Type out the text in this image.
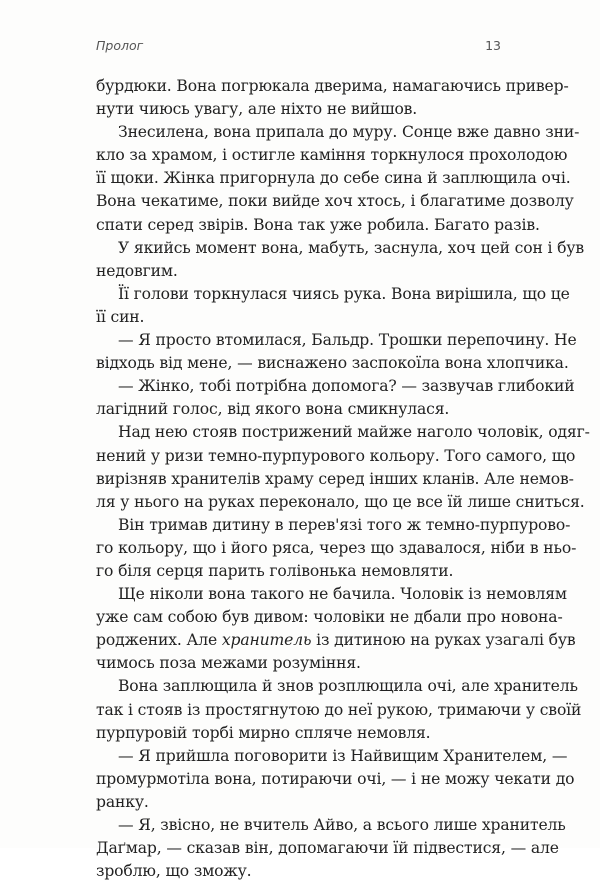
Пролог	13
бурдюки. Вона погрюкала дверима, намагаючись привер-
нути чиюсь увагу, але ніхто не вийшов.
Знесилена, вона припала до муру. Сонце вже давно зни-
кло за храмом, і остигле каміння торкнулося прохолодою
її щоки. Жінка пригорнула до себе сина й заплющила очі.
Вона чекатиме, поки вийде хоч хтось, і благатиме дозволу
спати серед звірів. Вона так уже робила. Багато разів.
У якийсь момент вона, мабуть, заснула, хоч цей сон і був
недовгим.
Її голови торкнулася чиясь рука. Вона вирішила, що це
її син.
— Я просто втомилася, Бальдр. Трошки перепочину. Не
відходь від мене, — виснажено заспокоїла вона хлопчика.
— Жінко, тобі потрібна допомога? — зазвучав глибокий
лагідний голос, від якого вона смикнулася.
Над нею стояв пострижений майже наголо чоловік, одяг-
нений у ризи темно-пурпурового кольору. Того самого, що
вирізняв хранителів храму серед інших кланів. Але немов-
ля у нього на руках переконало, що це все їй лише сниться.
Він тримав дитину в перев'язі того ж темно-пурпурово-
го кольору, що і його ряса, через що здавалося, ніби в ньо-
го біля серця парить голівонька немовляти.
Ще ніколи вона такого не бачила. Чоловік із немовлям
уже сам собою був дивом: чоловіки не дбали про новона-
роджених. Але хранитель із дитиною на руках узагалі був
чимось поза межами розуміння.
Вона заплющила й знов розплющила очі, але хранитель
так і стояв із простягнутою до неї рукою, тримаючи у своїй
пурпуровій торбі мирно спляче немовля.
— Я прийшла поговорити із Найвищим Хранителем, —
промурмотіла вона, потираючи очі, — і не можу чекати до
ранку.
— Я, звісно, не вчитель Айво, а всього лише хранитель
Даґмар, — сказав він, допомагаючи їй підвестися, — але
зроблю, що зможу.
